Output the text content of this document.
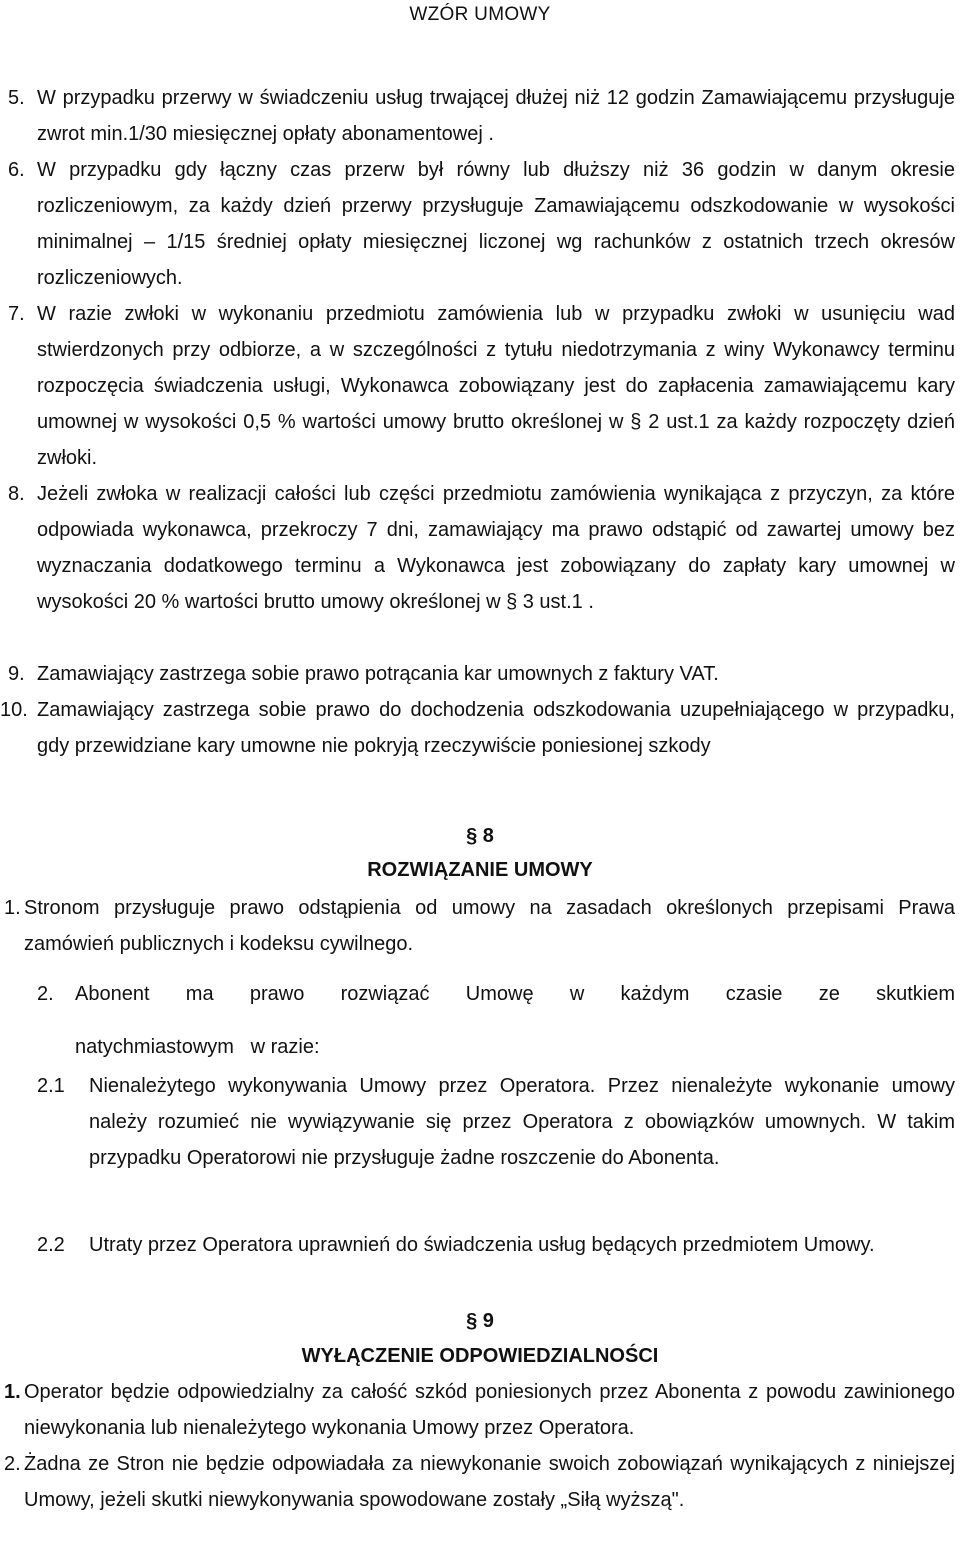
WZÓR UMOWY
5. W przypadku przerwy w świadczeniu usług trwającej dłużej niż 12 godzin Zamawiającemu przysługuje zwrot min.1/30 miesięcznej opłaty abonamentowej .
6. W przypadku gdy łączny czas przerw był równy lub dłuższy niż 36 godzin w danym okresie rozliczeniowym, za każdy dzień przerwy przysługuje Zamawiającemu odszkodowanie w wysokości minimalnej – 1/15 średniej opłaty miesięcznej liczonej wg rachunków z ostatnich trzech okresów rozliczeniowych.
7. W razie zwłoki w wykonaniu przedmiotu zamówienia lub w przypadku zwłoki w usunięciu wad stwierdzonych przy odbiorze, a w szczególności z tytułu niedotrzymania z winy Wykonawcy terminu rozpoczęcia świadczenia usługi, Wykonawca zobowiązany jest do zapłacenia zamawiającemu kary umownej w wysokości 0,5 % wartości umowy brutto określonej w § 2 ust.1 za każdy rozpoczęty dzień zwłoki.
8. Jeżeli zwłoka w realizacji całości lub części przedmiotu zamówienia wynikająca z przyczyn, za które odpowiada wykonawca, przekroczy 7 dni, zamawiający ma prawo odstąpić od zawartej umowy bez wyznaczania dodatkowego terminu a Wykonawca jest zobowiązany do zapłaty kary umownej w wysokości 20 % wartości brutto umowy określonej w § 3 ust.1 .
9. Zamawiający zastrzega sobie prawo potrącania kar umownych z faktury VAT.
10. Zamawiający zastrzega sobie prawo do dochodzenia odszkodowania uzupełniającego w przypadku, gdy przewidziane kary umowne nie pokryją rzeczywiście poniesionej szkody
§ 8
ROZWIĄZANIE UMOWY
1. Stronom przysługuje prawo odstąpienia od umowy na zasadach określonych przepisami Prawa zamówień publicznych i kodeksu cywilnego.
2. Abonent ma prawo rozwiązać Umowę w każdym czasie ze skutkiem
natychmiastowym   w razie:
2.1 Nienależytego wykonywania Umowy przez Operatora. Przez nienależyte wykonanie umowy należy rozumieć nie wywiązywanie się przez Operatora z obowiązków umownych. W takim przypadku Operatorowi nie przysługuje żadne roszczenie do Abonenta.
2.2 Utraty przez Operatora uprawnień do świadczenia usług będących przedmiotem Umowy.
§ 9
WYŁĄCZENIE ODPOWIEDZIALNOŚCI
1. Operator będzie odpowiedzialny za całość szkód poniesionych przez Abonenta z powodu zawinionego niewykonania lub nienależytego wykonania Umowy przez Operatora.
2. Żadna ze Stron nie będzie odpowiadała za niewykonanie swoich zobowiązań wynikających z niniejszej Umowy, jeżeli skutki niewykonywania spowodowane zostały „Siłą wyższą".
